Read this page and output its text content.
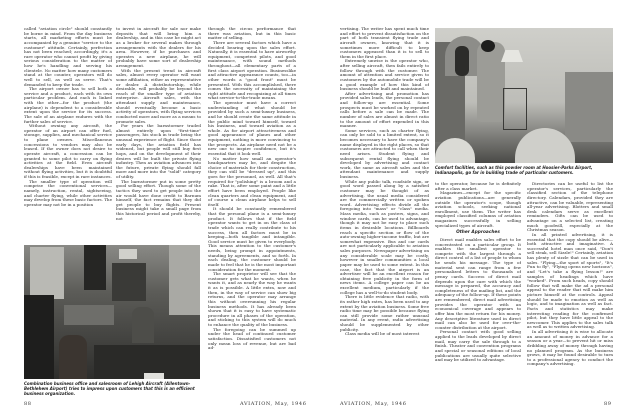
called "aviation circle" should constantly be borne in mind. From the day business starts, all marketing efforts must be accompanied by a genuine "service to the customer" attitude. Certainly, perfection has not been reached; accordingly, it's a rare operator who cannot profit by giving serious consideration to the matter of how he's handling and serving his clientele. No matter how many customers stand at the counter, operators will do well to sell, as well as serve. That's demanded to keep the trade.

The airport owner has to sell both a service and a product, each with its own particular problem. And each is linked with the other—for the product (the airplane) is dependent to a considerable extent upon the service for its success. The sale of an airplane endures with the further sales of service.

Without owning any aircraft, the operator of an airport can offer fuel, storage, supplies, and mechanical service to plane owners. Miscellaneous concessions to vendors may also be leased. If the owner does not desire to operate aircraft, a concession can be granted to some pilot to carry on flying activities at the field. Even aircraft dealerships have been maintained without flying activities, but it is doubtful if this is feasible, except in rare instances.

The smaller type of operation will comprise the conventional services—namely, instruction, rental, sightseeing, and charter flying, while other activities may develop from these basic factors. The operator may not be in a position

to invest in aircraft for sale nor make deposits that will bring him a dealership, and in this case he might act as a broker for several makes through arrangements with the dealers for his area. However, if he purchases and operates a new airplane, he will probably have some sort of dealership arrangement.

With the present trend in aircraft sales, almost every operator will want some affiliation, either as representative or dealer. A distributorship, while desirable, will probably be beyond the reach of the smaller type of aviation enterprise. Aircraft sales, with the attendant supply and maintenance, should eventually become a basic activity of operators, with flying services conducted more and more as a means to promote sales.

For years the barnstormer traded almost entirely upon "first-time" passengers, his stock in trade being the unusual experience of flight. Since those early days, the aviation field has widened, but people will still buy first hops, and on the development of their desires will be built the private flying industry. Then as aviation advances into the future, private flying should fall more and more into the "solid" category of utility.

The barnstormer put in some pretty good selling effort. Though some of the tactics they used to get people into the air would have done credit to Barnum himself, the fact remains that they did get people to buy flights. Present business might take a small page from this historical period and profit thereby, not

through the circus performance that there was aviation, but in this basic matter of selling.

There are several factors which have a decided bearing upon the sales effort. Naturally, it is essential to have airworthy equipment, competent pilots, and good maintenance, with sound methods throughout—all elementary parts of a first class airport operation. Businesslike and attractive appearance counts, too—in other words a "good front" must be presented. With this accomplished, there comes the necessity of maintaining the right attitude and recognizing at all times what service-to-the-trade means.

The operator must have a correct understanding of what should be provided by such a semi-luxury business, and he should create the same attitude in the public mind toward himself, toward his business, and toward aviation as a whole. As for airport attractiveness and good appearance of planes and other equipment, nothing is more convincing to the prospects. An airplane need not be a new one to inspire confidence, but it's essential that it look well.

No matter how small an operator's headquarters may be, and despite the choice of materials for their construction, they can still be "dressed up", and this goes for the personnel, as well. All that's required for "polishing" is a broom and a rake. That is, after some paint and a little effort have been employed. People like clean quarters and clean equipment, and of course a clean airplane helps to sell itself.

It should be constantly remembered that the personal plane is a semi-luxury product. It follows that if the field operator wants to get in on the class of trade which can really contribute to his success, then all factors must be in keeping—both tangible and intangible. Good service must be given to everybody. This means attention to the customer's needs, being prompt in appointments, standing by agreements, and so forth. In each dealing, the customer should be made to feel that he is the most important consideration for the moment.

The smart proprietor will see that the customer gets what he wants, when he wants it, and as nearly the way he wants it as is possible. A little extra, now and then, in the way of service can show big returns, and the operator may arrange this without overrunning his regular business methods. It has already been shown that it is easy to have systematic procedure in all phases of the operation, and sticking to this system will do much to enhance the quality of the business.

The foregoing can be summed up under the head of continued customer satisfaction. Dissatisfied customers not only mean loss of revenue, but are bad ad-

Combination business office and salesroom of Lehigh Aircraft (Allentown-Bethlehem Airport) tries to impress upon customers that this is an efficient business organization.
88	AVIATION, May, 1946

vertising. The writer has spent much time and effort to prevent dissatisfaction on the part of both transient flying trade and aircraft owners, knowing that it is sometimes more difficult to keep customers appeased than it is to sell to them in the first place.

Extremely unwise is the operator who, after selling aircraft, then fails entirely to follow through with the customer. The amount of attention and service given to customers by the automobile trade will be a good example of how this kind of business should be built and maintained.

After advertising and promotion has provided sales leads, the personal contact and follow-up are essential. Some prospects must be worked on by repeated calls before a sale can be made. The number of sales are almost in direct ratio to the amount of effort expended in this manner.

Some services, such as charter flying, can only be sold to a limited extent, so it becomes necessary to have the company's name displayed in the right places, so that customers are attracted to call when their need arises. Student flying and subsequent rental flying should be developed by advertising and contact work, the same as aircraft sales and the attendant maintenance and supply business.

While any public talk, roadside sign, or good word passed along by a satisfied customer may be thought of as advertising, the usual media considered are the commercially written or spoken word. Advertising effects divide all the foregoing into "mass" or "class" media. Mass media, such as posters, signs, and window cards, can be used to advantage, though it may not be easy to place such items in desirable locations. Billboards reach a specific section or flow of the auto-owning higher-income traffic, but are somewhat expensive. Bus and car cards are not particularly applicable to aviation sales purposes. Newspaper advertising on any considerable scale may be costly, however in smaller communities a local paper may be used to some extent. In this case, the fact that the airport is an advertiser will be an excellent reason for obtaining free publicity in the form of news items. A college paper can be an excellent medium, particularly if the college has a well-to-do student body.

There is little evidence that radio, with its rather high rates, has been used to any extent by the aviation business. Some free radio time may be possible because flying can still provide some rather unusual material. In any event, radio advertising should be supplemented by other publicity.

Class media will be of most interest

Comfort facilities, such as this powder room at Hoosier-Parks Airport, Indianapolis, go far in building trade of particular customers.

to the operator, because he is definitely after a class market.

Magazines—except for the specific aviation publications—are generally outside the operator's scope, though aviation schools, seeking national enrollment, use them. The writer has employed classified columns of aviation magazines successfully in selling specialized types of aircraft.

Other Approaches

Direct mail enables sales effort to be concentrated on a particular group. It enables the smallest operator to compete with the largest through a direct control of a list of people to whom he sends his message. The type of material sent can range from a few personalized letters to thousands of penny cards. Success of direct mail depends upon the care with which the message is prepared, the accuracy and completeness of the mailing list, and the adequacy of the follow-up. If these points are remembered, direct mail advertising provides the operator with an economical coverage and appears to offer him the most return for his money. Any descriptive literature used in direct mail can also be used for over-the-counter distribution at the airport.

Personal contact with good selling applied to the leads developed by direct mail, may carry the sale through to a finish. Theater and convention programs and special or seasonal editions of local publications are usually quite selective and may be utilized to advantage.

Directories can be useful to list the operator's services, particularly the classified section of the telephone directory. Calendars, provided they are attractive, can be valuable, representing all-year advertising. Blotters and small desk calendars serve as excellent reminders. Gifts can be used to advantage on a selected list, creating much goodwill, especially at the Christmas season.

In all printed advertising, it is essential that the copy should be alive—both attractive and imaginative. A successful hotel man once said, "Don't sell steak, sell Sizzle!" Certainly, aviation has plenty of sizzle that can be used in sales. "Flying—the sport of sports", "It's Fun to fly", "Flying opens new horizons", and "Let's take a flying lesson!" are samples of headings which have "worked". From such heads, copy should follow that will make the ad a personal appeal to the reader that will make him picture himself at the controls. Appeal should be made to emotion as well as logic, and to imagination as well as fact. Facts and statistics may make interesting reading for the confirmed pilot, but they have little appeal to the newcomer. This applies to the sales talk as well as to written advertising.

In all advertising it is wise to allocate an amount of money in advance for a season or a year—to prevent hit or miss dribbling away of money through having no planned program. As the business grows, it may be found desirable to turn to a professional agency to conduct the company's advertising.

AVIATION, May, 1946	89
